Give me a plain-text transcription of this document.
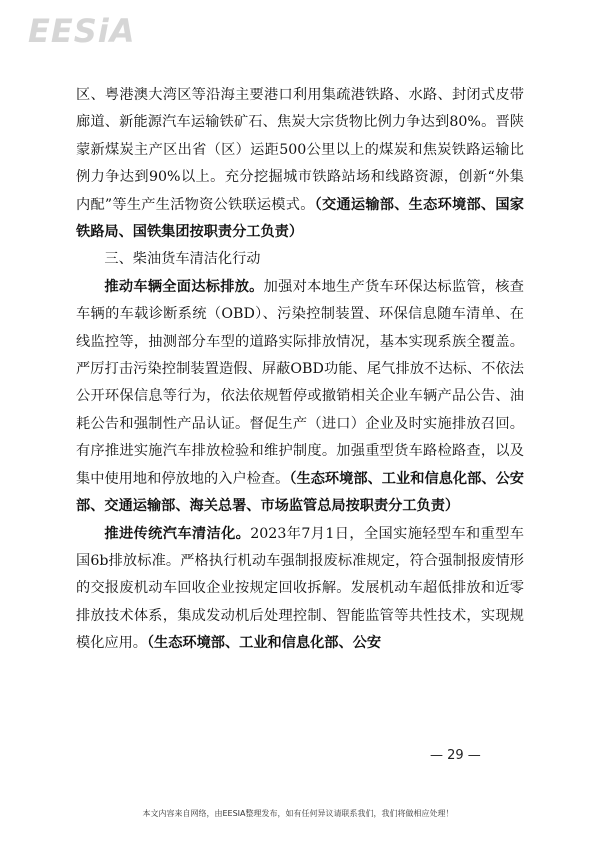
EESiA

区、粤港澳大湾区等沿海主要港口利用集疏港铁路、水路、封闭式皮带廊道、新能源汽车运输铁矿石、焦炭大宗货物比例力争达到80%。晋陕蒙新煤炭主产区出省（区）运距500公里以上的煤炭和焦炭铁路运输比例力争达到90%以上。充分挖掘城市铁路站场和线路资源，创新“外集内配”等生产生活物资公铁联运模式。（交通运输部、生态环境部、国家铁路局、国铁集团按职责分工负责）

三、柴油货车清洁化行动

推动车辆全面达标排放。加强对本地生产货车环保达标监管，核查车辆的车载诊断系统（OBD）、污染控制装置、环保信息随车清单、在线监控等，抽测部分车型的道路实际排放情况，基本实现系族全覆盖。严厉打击污染控制装置造假、屏蔽OBD功能、尾气排放不达标、不依法公开环保信息等行为，依法依规暂停或撤销相关企业车辆产品公告、油耗公告和强制性产品认证。督促生产（进口）企业及时实施排放召回。有序推进实施汽车排放检验和维护制度。加强重型货车路检路查，以及集中使用地和停放地的入户检查。（生态环境部、工业和信息化部、公安部、交通运输部、海关总署、市场监管总局按职责分工负责）

推进传统汽车清洁化。2023年7月1日，全国实施轻型车和重型车国6b排放标准。严格执行机动车强制报废标准规定，符合强制报废情形的交报废机动车回收企业按规定回收拆解。发展机动车超低排放和近零排放技术体系，集成发动机后处理控制、智能监管等共性技术，实现规模化应用。（生态环境部、工业和信息化部、公安

— 29 —
本文内容来自网络，由EESIA整理发布，如有任何异议请联系我们，我们将做相应处理！
